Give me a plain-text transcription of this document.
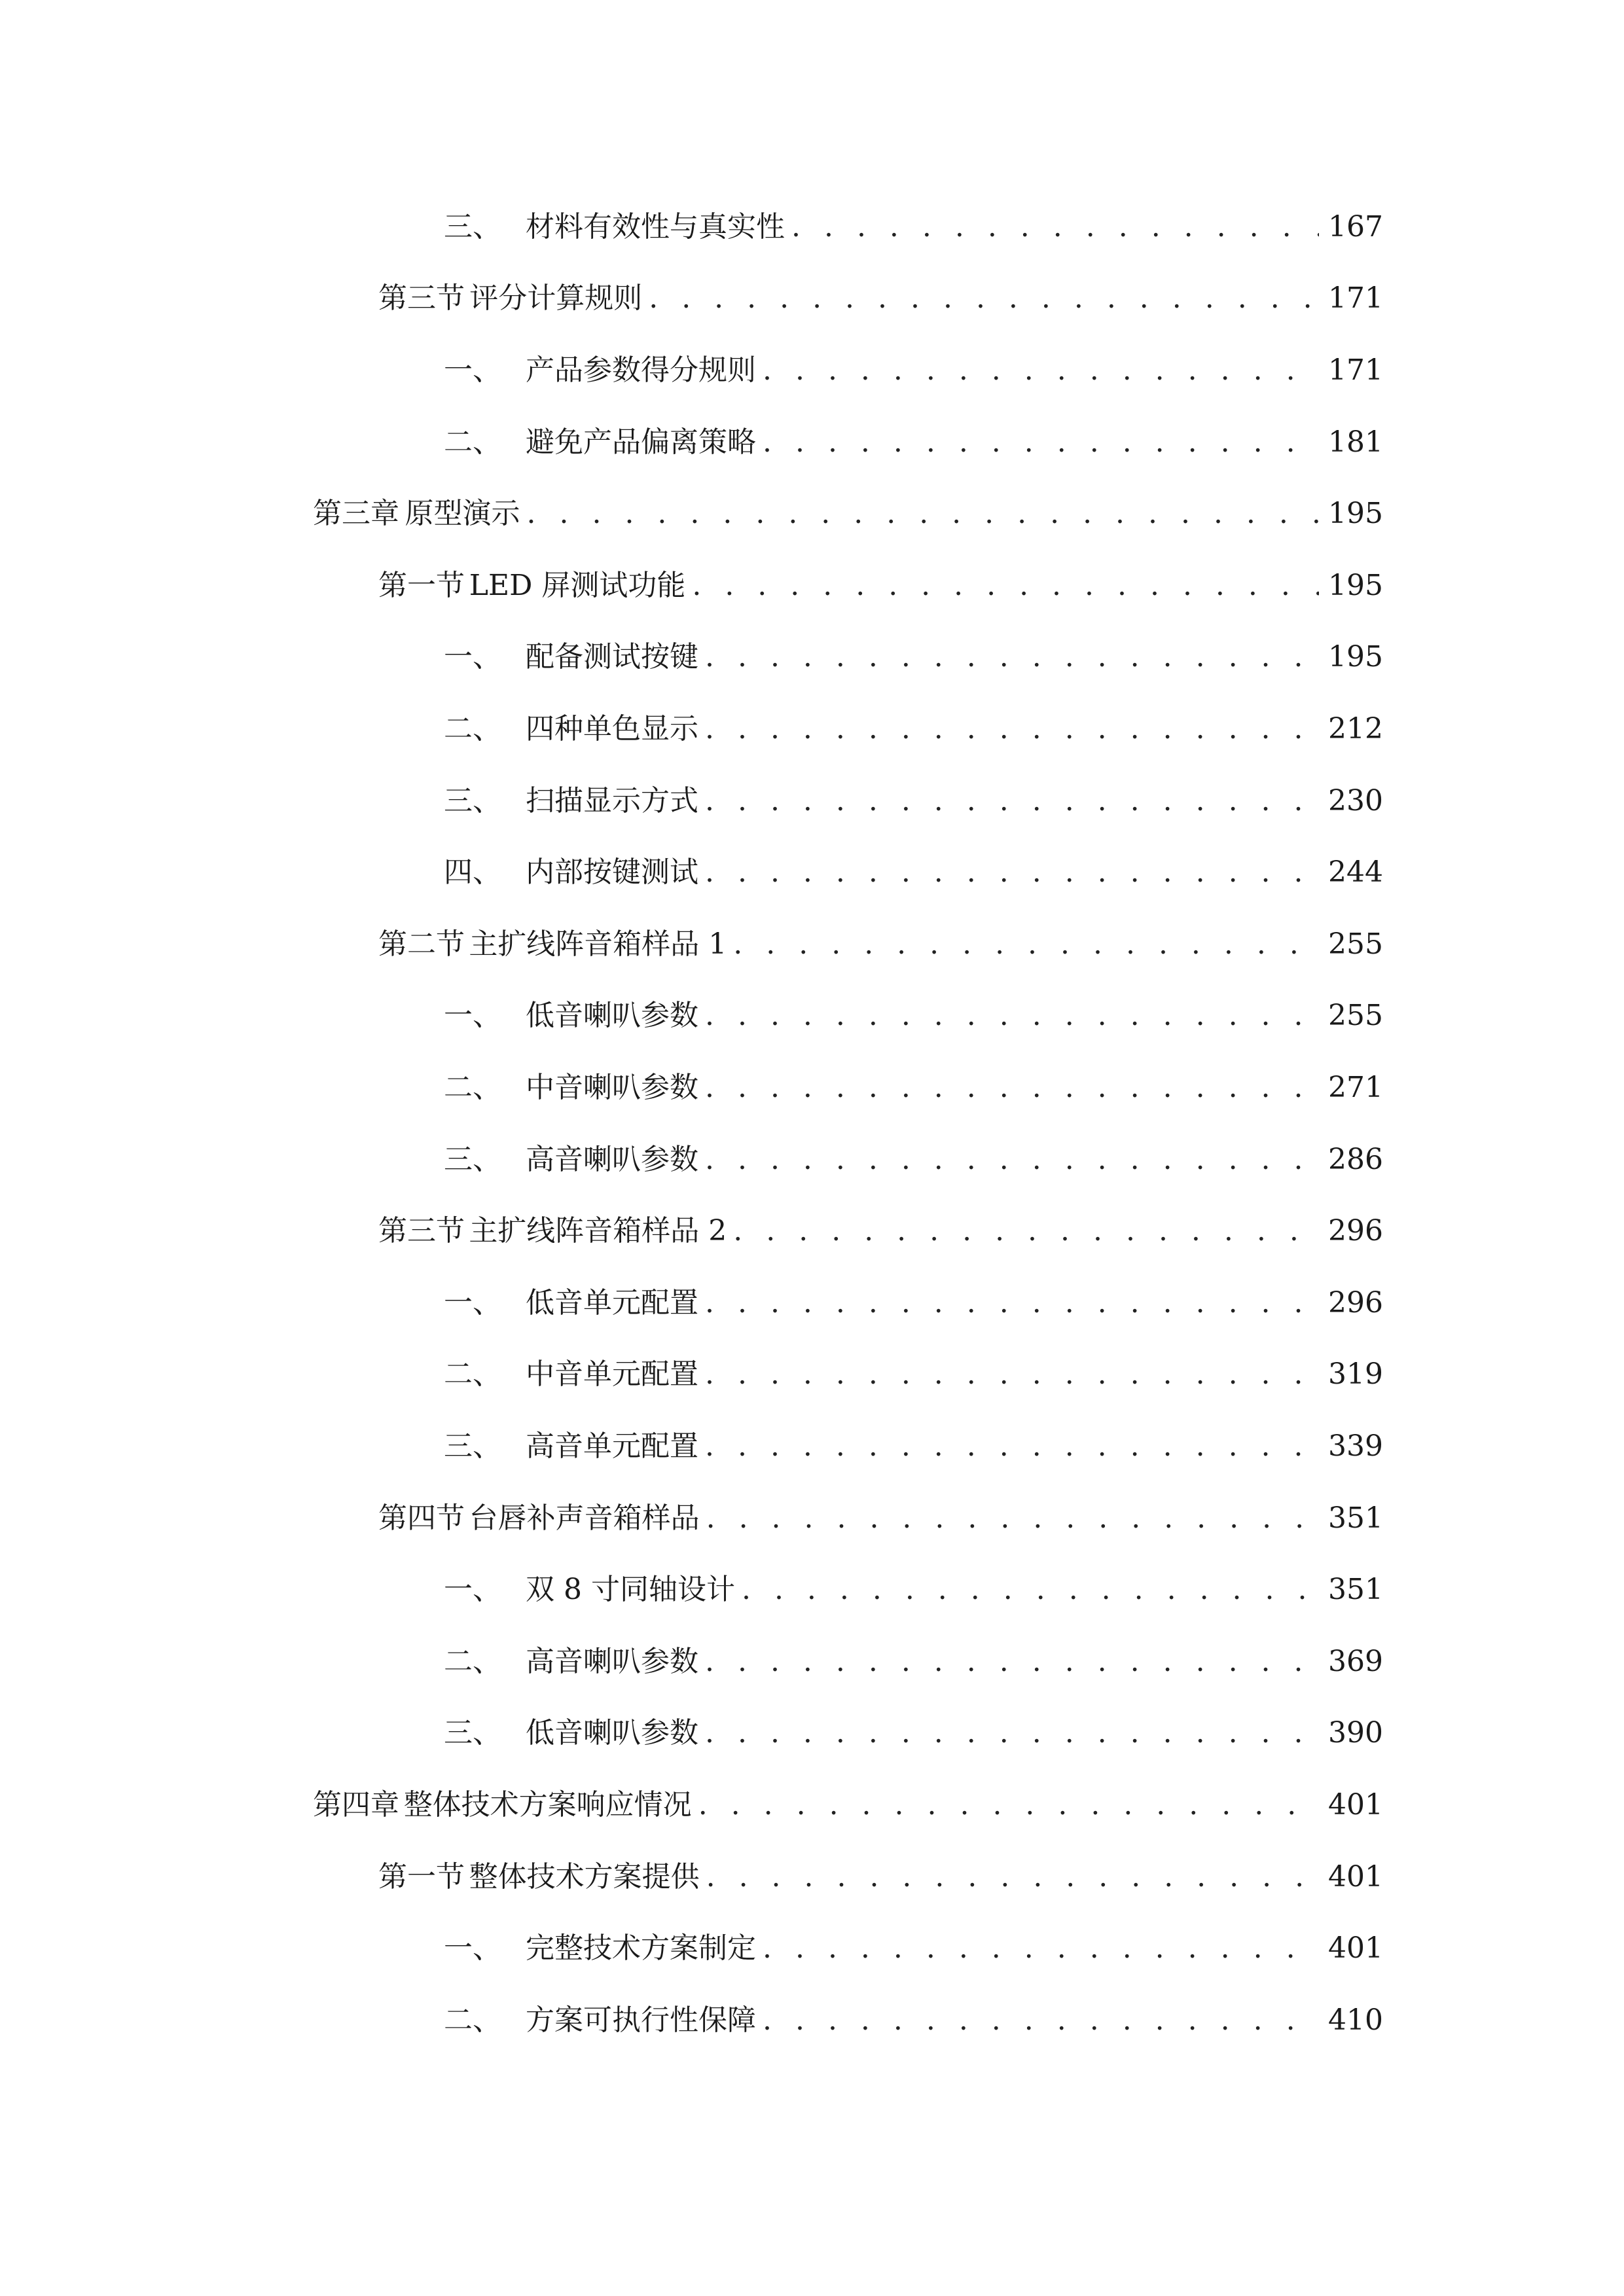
三、 材料有效性与真实性 . . .	167
第三节 评分计算规则 . . .	171
一、 产品参数得分规则 . . .	171
二、 避免产品偏离策略 . . .	181
第三章 原型演示 . . .	195
第一节 LED 屏测试功能 . . .	195
一、 配备测试按键 . . .	195
二、 四种单色显示 . . .	212
三、 扫描显示方式 . . .	230
四、 内部按键测试 . . .	244
第二节 主扩线阵音箱样品 1 . . .	255
一、 低音喇叭参数 . . .	255
二、 中音喇叭参数 . . .	271
三、 高音喇叭参数 . . .	286
第三节 主扩线阵音箱样品 2 . . .	296
一、 低音单元配置 . . .	296
二、 中音单元配置 . . .	319
三、 高音单元配置 . . .	339
第四节 台唇补声音箱样品 . . .	351
一、 双 8 寸同轴设计 . . .	351
二、 高音喇叭参数 . . .	369
三、 低音喇叭参数 . . .	390
第四章 整体技术方案响应情况 . . .	401
第一节 整体技术方案提供 . . .	401
一、 完整技术方案制定 . . .	401
二、 方案可执行性保障 . . .	410
